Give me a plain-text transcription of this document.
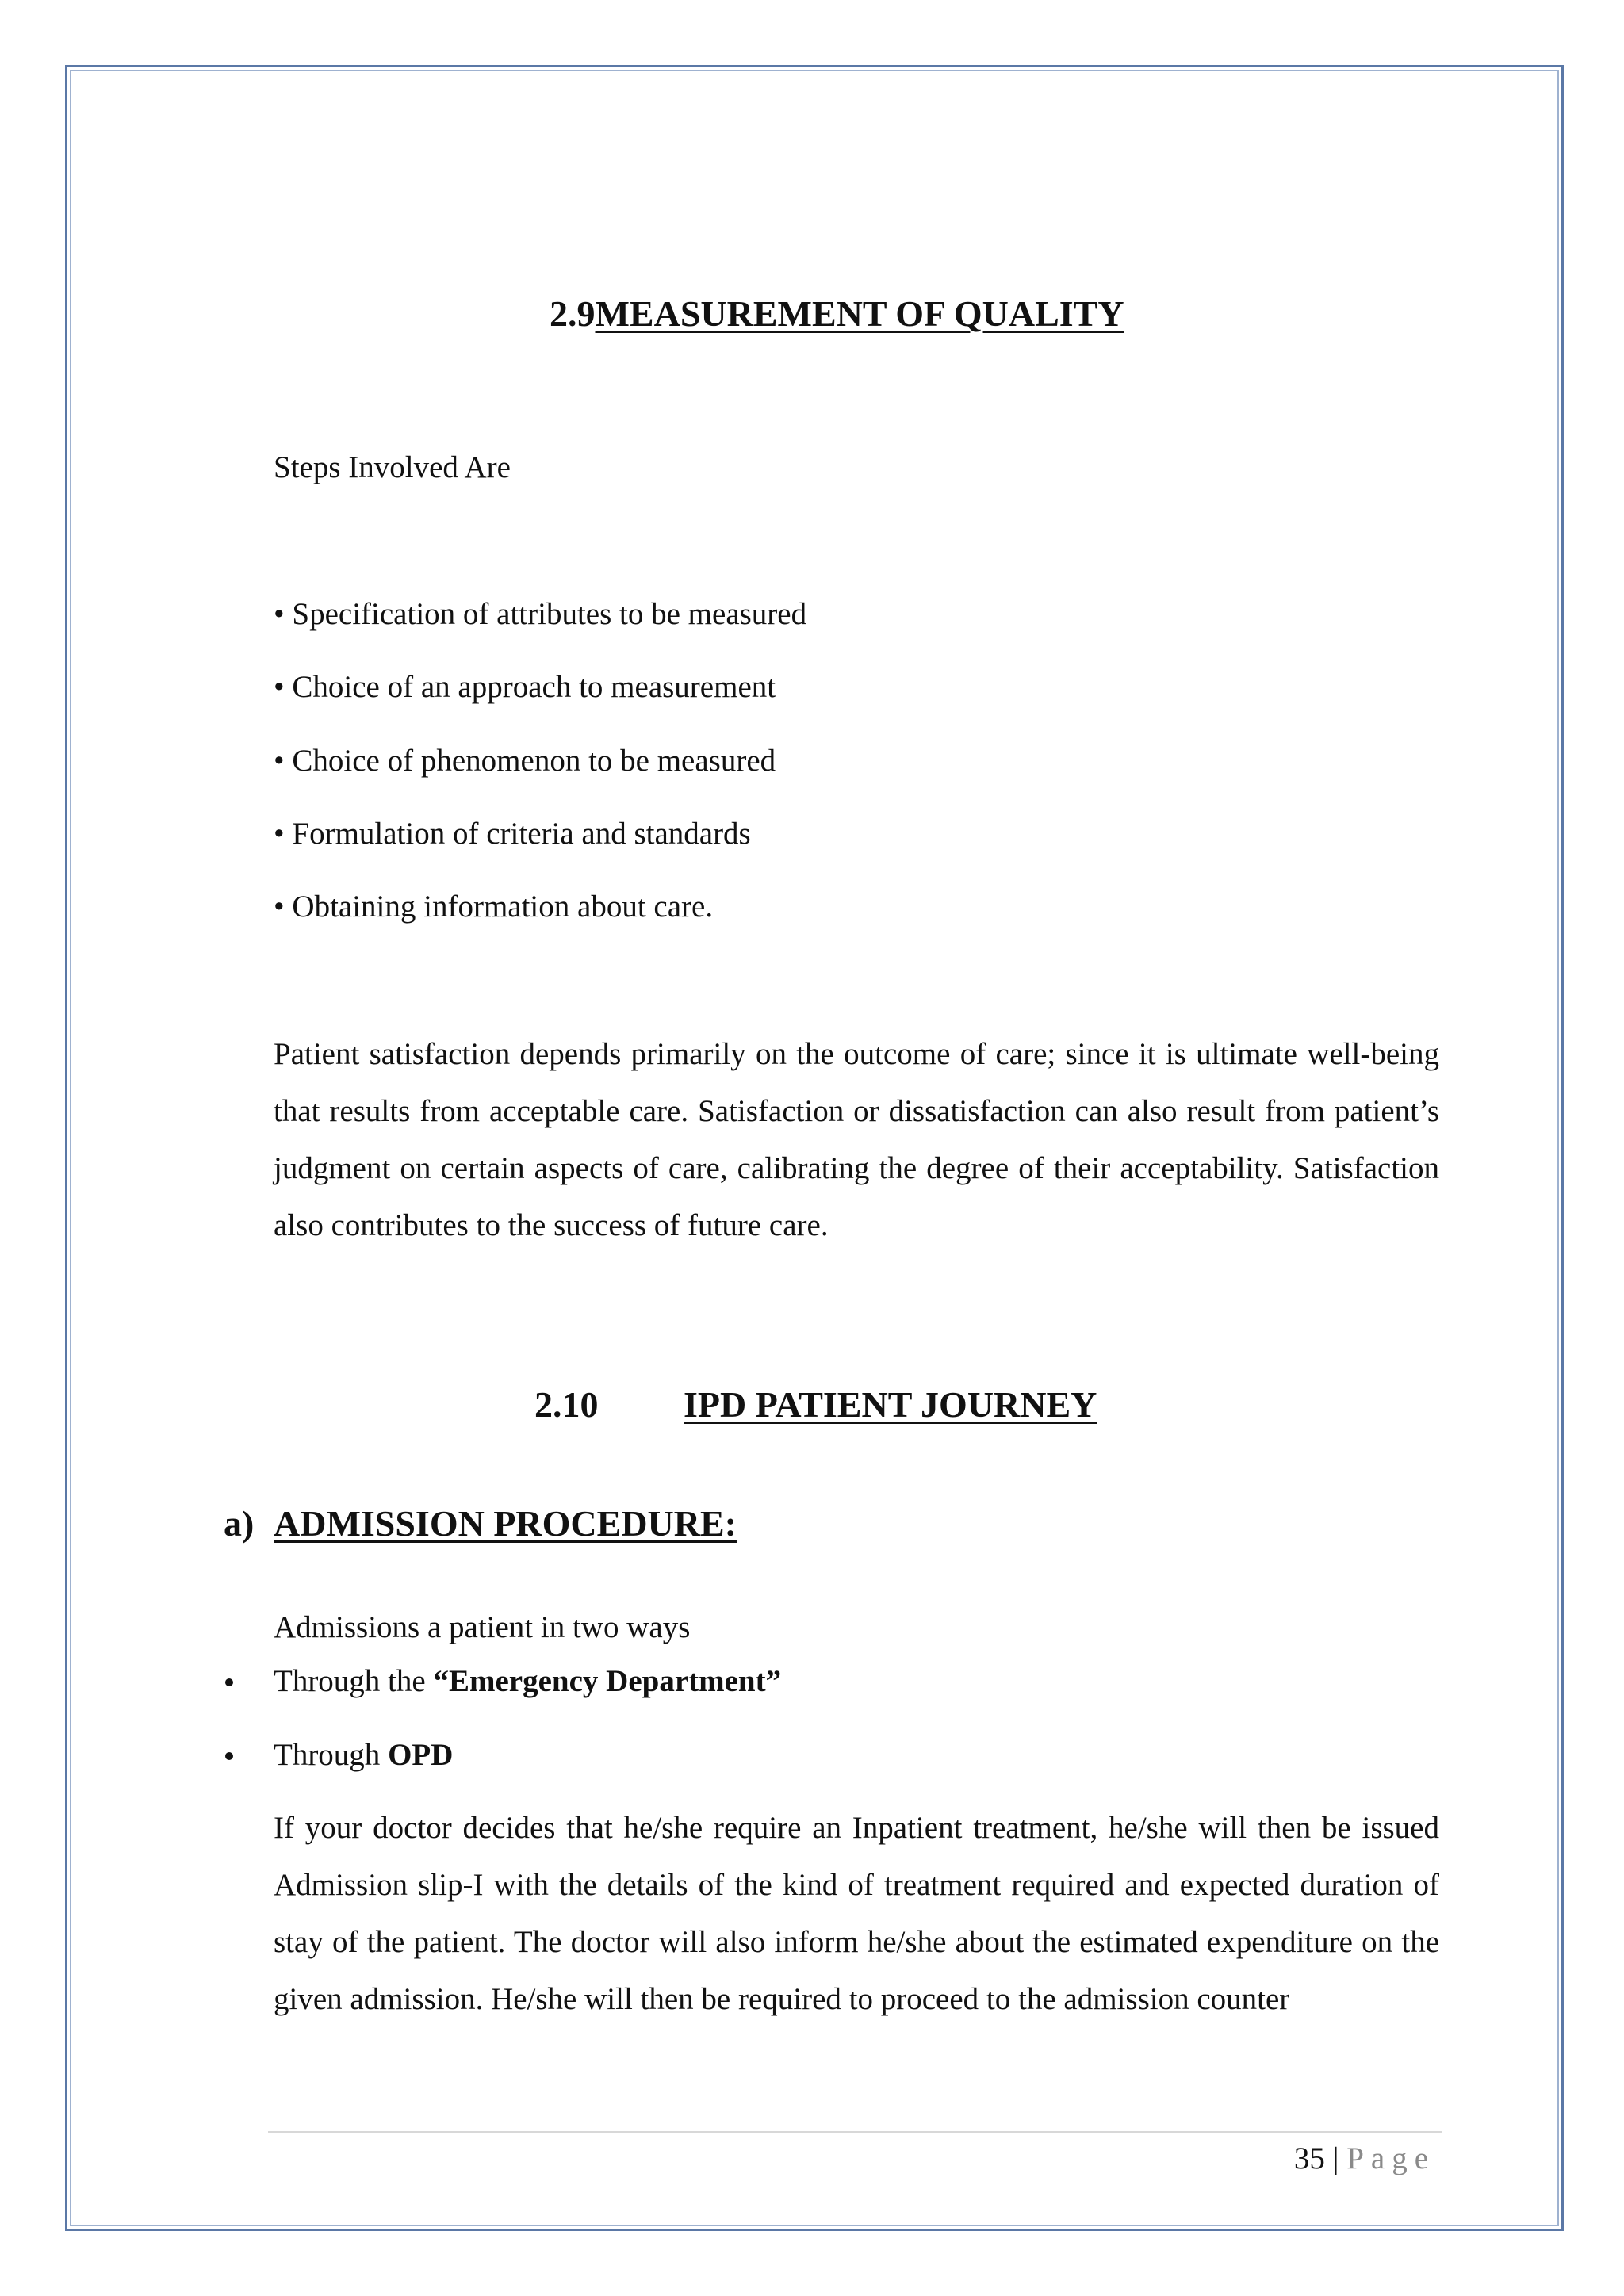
2.9MEASUREMENT OF QUALITY
Steps Involved Are
• Specification of attributes to be measured
• Choice of an approach to measurement
• Choice of phenomenon to be measured
• Formulation of criteria and standards
• Obtaining information about care.
Patient satisfaction depends primarily on the outcome of care; since it is ultimate well-being that results from acceptable care. Satisfaction or dissatisfaction can also result from patient’s judgment on certain aspects of care, calibrating the degree of their acceptability. Satisfaction also contributes to the success of future care.
2.10 IPD PATIENT JOURNEY
a) ADMISSION PROCEDURE:
Admissions a patient in two ways
Through the “Emergency Department”
Through OPD
If your doctor decides that he/she require an Inpatient treatment, he/she will then be issued Admission slip-I with the details of the kind of treatment required and expected duration of stay of the patient. The doctor will also inform he/she about the estimated expenditure on the given admission. He/she will then be required to proceed to the admission counter
35 | Page
